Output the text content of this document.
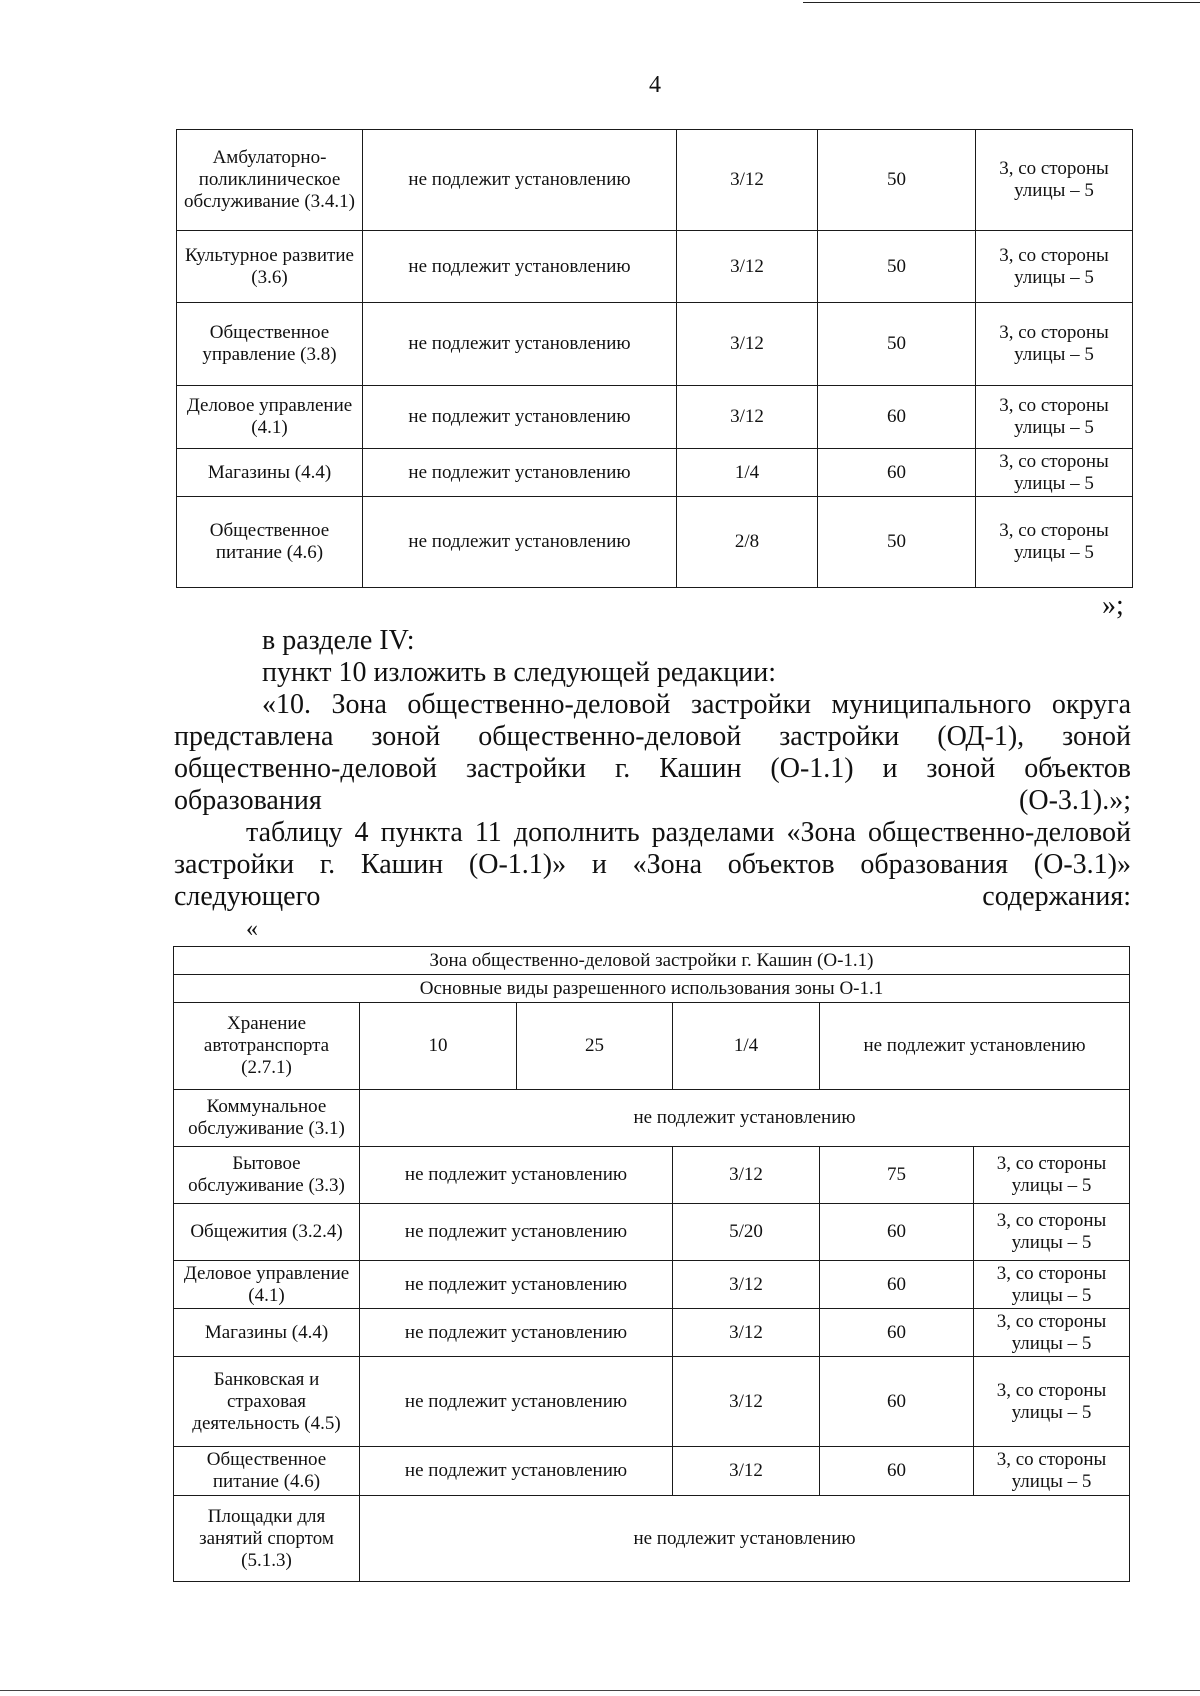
4
Амбулаторно-поликлиническое обслуживание (3.4.1)	не подлежит установлению	3/12	50	3, со стороны улицы – 5
Культурное развитие (3.6)	не подлежит установлению	3/12	50	3, со стороны улицы – 5
Общественное управление (3.8)	не подлежит установлению	3/12	50	3, со стороны улицы – 5
Деловое управление (4.1)	не подлежит установлению	3/12	60	3, со стороны улицы – 5
Магазины (4.4)	не подлежит установлению	1/4	60	3, со стороны улицы – 5
Общественное питание (4.6)	не подлежит установлению	2/8	50	3, со стороны улицы – 5
»;
в разделе IV:
пункт 10 изложить в следующей редакции:
«10. Зона общественно-деловой застройки муниципального округа представлена зоной общественно-деловой застройки (ОД-1), зоной общественно-деловой застройки г. Кашин (О-1.1) и зоной объектов образования (О-3.1).»;
таблицу 4 пункта 11 дополнить разделами «Зона общественно-деловой застройки г. Кашин (О-1.1)» и «Зона объектов образования (О-3.1)» следующего содержания:
«
Зона общественно-деловой застройки г. Кашин (О-1.1)					
Основные виды разрешенного использования зоны О-1.1					
Хранение автотранспорта (2.7.1)	10	25	1/4	не подлежит установлению	
Коммунальное обслуживание (3.1)	не подлежит установлению				
Бытовое обслуживание (3.3)	не подлежит установлению		3/12	75	3, со стороны улицы – 5
Общежития (3.2.4)	не подлежит установлению		5/20	60	3, со стороны улицы – 5
Деловое управление (4.1)	не подлежит установлению		3/12	60	3, со стороны улицы – 5
Магазины (4.4)	не подлежит установлению		3/12	60	3, со стороны улицы – 5
Банковская и страховая деятельность (4.5)	не подлежит установлению		3/12	60	3, со стороны улицы – 5
Общественное питание (4.6)	не подлежит установлению		3/12	60	3, со стороны улицы – 5
Площадки для занятий спортом (5.1.3)	не подлежит установлению				
